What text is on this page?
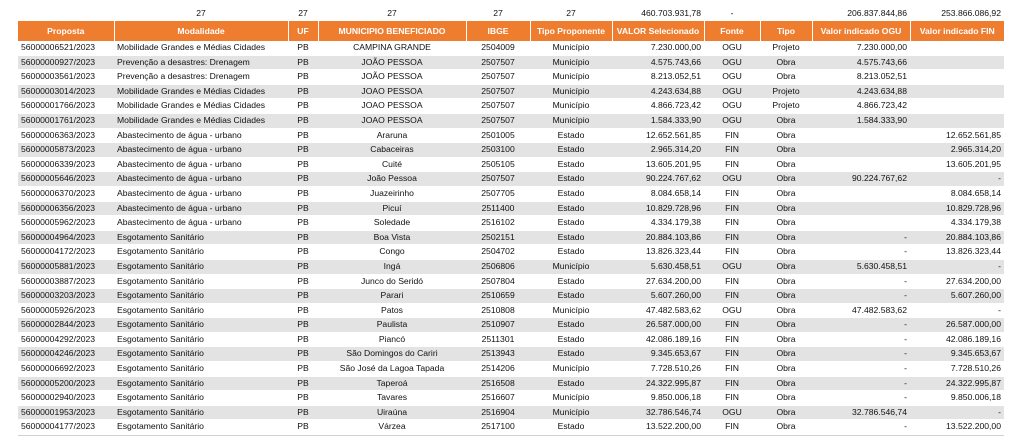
	27	27	27	27	27	460.703.931,78	-		206.837.844,86	253.866.086,92
Proposta	Modalidade	UF	MUNICIPIO BENEFICIADO	IBGE	Tipo Proponente	VALOR Selecionado	Fonte	Tipo	Valor indicado OGU	Valor indicado FIN
56000006521/2023	Mobilidade Grandes e Médias Cidades	PB	CAMPINA GRANDE	2504009	Município	7.230.000,00	OGU	Projeto	7.230.000,00	
56000000927/2023	Prevenção a desastres: Drenagem	PB	JOÃO PESSOA	2507507	Município	4.575.743,66	OGU	Obra	4.575.743,66	
56000003561/2023	Prevenção a desastres: Drenagem	PB	JOÃO PESSOA	2507507	Município	8.213.052,51	OGU	Obra	8.213.052,51	
56000003014/2023	Mobilidade Grandes e Médias Cidades	PB	JOAO PESSOA	2507507	Município	4.243.634,88	OGU	Projeto	4.243.634,88	
56000001766/2023	Mobilidade Grandes e Médias Cidades	PB	JOAO PESSOA	2507507	Município	4.866.723,42	OGU	Projeto	4.866.723,42	
56000001761/2023	Mobilidade Grandes e Médias Cidades	PB	JOAO PESSOA	2507507	Município	1.584.333,90	OGU	Obra	1.584.333,90	
56000006363/2023	Abastecimento de água - urbano	PB	Araruna	2501005	Estado	12.652.561,85	FIN	Obra		12.652.561,85
56000005873/2023	Abastecimento de água - urbano	PB	Cabaceiras	2503100	Estado	2.965.314,20	FIN	Obra		2.965.314,20
56000006339/2023	Abastecimento de água - urbano	PB	Cuité	2505105	Estado	13.605.201,95	FIN	Obra		13.605.201,95
56000005646/2023	Abastecimento de água - urbano	PB	João Pessoa	2507507	Estado	90.224.767,62	OGU	Obra	90.224.767,62	-
56000006370/2023	Abastecimento de água - urbano	PB	Juazeirinho	2507705	Estado	8.084.658,14	FIN	Obra		8.084.658,14
56000006356/2023	Abastecimento de água - urbano	PB	Picuí	2511400	Estado	10.829.728,96	FIN	Obra		10.829.728,96
56000005962/2023	Abastecimento de água - urbano	PB	Soledade	2516102	Estado	4.334.179,38	FIN	Obra		4.334.179,38
56000004964/2023	Esgotamento Sanitário	PB	Boa Vista	2502151	Estado	20.884.103,86	FIN	Obra	-	20.884.103,86
56000004172/2023	Esgotamento Sanitário	PB	Congo	2504702	Estado	13.826.323,44	FIN	Obra	-	13.826.323,44
56000005881/2023	Esgotamento Sanitário	PB	Ingá	2506806	Município	5.630.458,51	OGU	Obra	5.630.458,51	-
56000003887/2023	Esgotamento Sanitário	PB	Junco do Seridó	2507804	Estado	27.634.200,00	FIN	Obra	-	27.634.200,00
56000003203/2023	Esgotamento Sanitário	PB	Parari	2510659	Estado	5.607.260,00	FIN	Obra	-	5.607.260,00
56000005926/2023	Esgotamento Sanitário	PB	Patos	2510808	Município	47.482.583,62	OGU	Obra	47.482.583,62	-
56000002844/2023	Esgotamento Sanitário	PB	Paulista	2510907	Estado	26.587.000,00	FIN	Obra	-	26.587.000,00
56000004292/2023	Esgotamento Sanitário	PB	Piancó	2511301	Estado	42.086.189,16	FIN	Obra	-	42.086.189,16
56000004246/2023	Esgotamento Sanitário	PB	São Domingos do Cariri	2513943	Estado	9.345.653,67	FIN	Obra	-	9.345.653,67
56000006692/2023	Esgotamento Sanitário	PB	São José da Lagoa Tapada	2514206	Município	7.728.510,26	FIN	Obra	-	7.728.510,26
56000005200/2023	Esgotamento Sanitário	PB	Taperoá	2516508	Estado	24.322.995,87	FIN	Obra	-	24.322.995,87
56000002940/2023	Esgotamento Sanitário	PB	Tavares	2516607	Município	9.850.006,18	FIN	Obra	-	9.850.006,18
56000001953/2023	Esgotamento Sanitário	PB	Uiraúna	2516904	Município	32.786.546,74	OGU	Obra	32.786.546,74	-
56000004177/2023	Esgotamento Sanitário	PB	Várzea	2517100	Estado	13.522.200,00	FIN	Obra	-	13.522.200,00
